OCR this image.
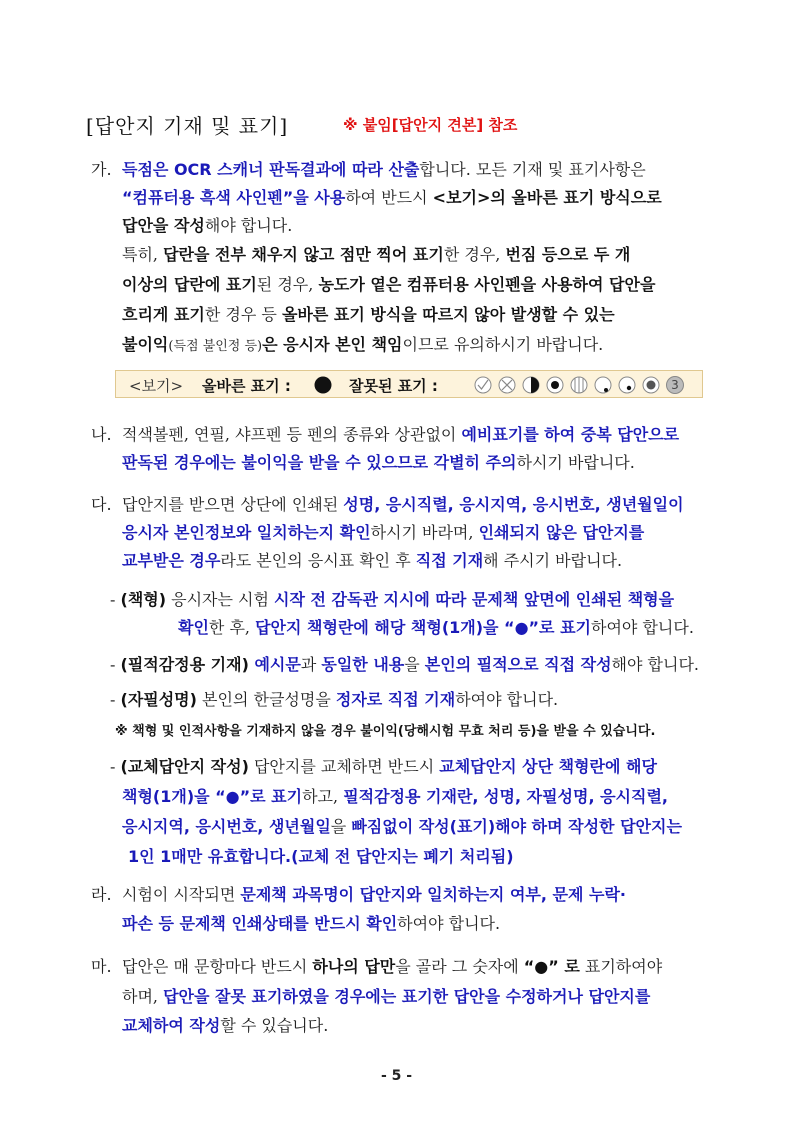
[답안지 기재 및 표기]	※ 붙임[답안지 견본] 참조
가. 득점은 OCR 스캐너 판독결과에 따라 산출합니다. 모든 기재 및 표기사항은
“컴퓨터용 흑색 사인펜”을 사용하여 반드시 <보기>의 올바른 표기 방식으로
답안을 작성해야 합니다.
특히, 답란을 전부 채우지 않고 점만 찍어 표기한 경우, 번짐 등으로 두 개
이상의 답란에 표기된 경우, 농도가 옅은 컴퓨터용 사인펜을 사용하여 답안을
흐리게 표기한 경우 등 올바른 표기 방식을 따르지 않아 발생할 수 있는
불이익(득점 불인정 등)은 응시자 본인 책임이므로 유의하시기 바랍니다.
<보기> 올바른 표기 :	잘못된 표기 :	3
나. 적색볼펜, 연필, 샤프펜 등 펜의 종류와 상관없이 예비표기를 하여 중복 답안으로
판독된 경우에는 불이익을 받을 수 있으므로 각별히 주의하시기 바랍니다.
다. 답안지를 받으면 상단에 인쇄된 성명, 응시직렬, 응시지역, 응시번호, 생년월일이
응시자 본인정보와 일치하는지 확인하시기 바라며, 인쇄되지 않은 답안지를
교부받은 경우라도 본인의 응시표 확인 후 직접 기재해 주시기 바랍니다.
- (책형) 응시자는 시험 시작 전 감독관 지시에 따라 문제책 앞면에 인쇄된 책형을
확인한 후, 답안지 책형란에 해당 책형(1개)을 “●”로 표기하여야 합니다.
- (필적감정용 기재) 예시문과 동일한 내용을 본인의 필적으로 직접 작성해야 합니다.
- (자필성명) 본인의 한글성명을 정자로 직접 기재하여야 합니다.
※ 책형 및 인적사항을 기재하지 않을 경우 불이익(당해시험 무효 처리 등)을 받을 수 있습니다.
- (교체답안지 작성) 답안지를 교체하면 반드시 교체답안지 상단 책형란에 해당
책형(1개)을 “●”로 표기하고, 필적감정용 기재란, 성명, 자필성명, 응시직렬,
응시지역, 응시번호, 생년월일을 빠짐없이 작성(표기)해야 하며 작성한 답안지는
1인 1매만 유효합니다.(교체 전 답안지는 폐기 처리됨)
라. 시험이 시작되면 문제책 과목명이 답안지와 일치하는지 여부, 문제 누락·
파손 등 문제책 인쇄상태를 반드시 확인하여야 합니다.
마. 답안은 매 문항마다 반드시 하나의 답만을 골라 그 숫자에 “●” 로 표기하여야
하며, 답안을 잘못 표기하였을 경우에는 표기한 답안을 수정하거나 답안지를
교체하여 작성할 수 있습니다.
- 5 -
